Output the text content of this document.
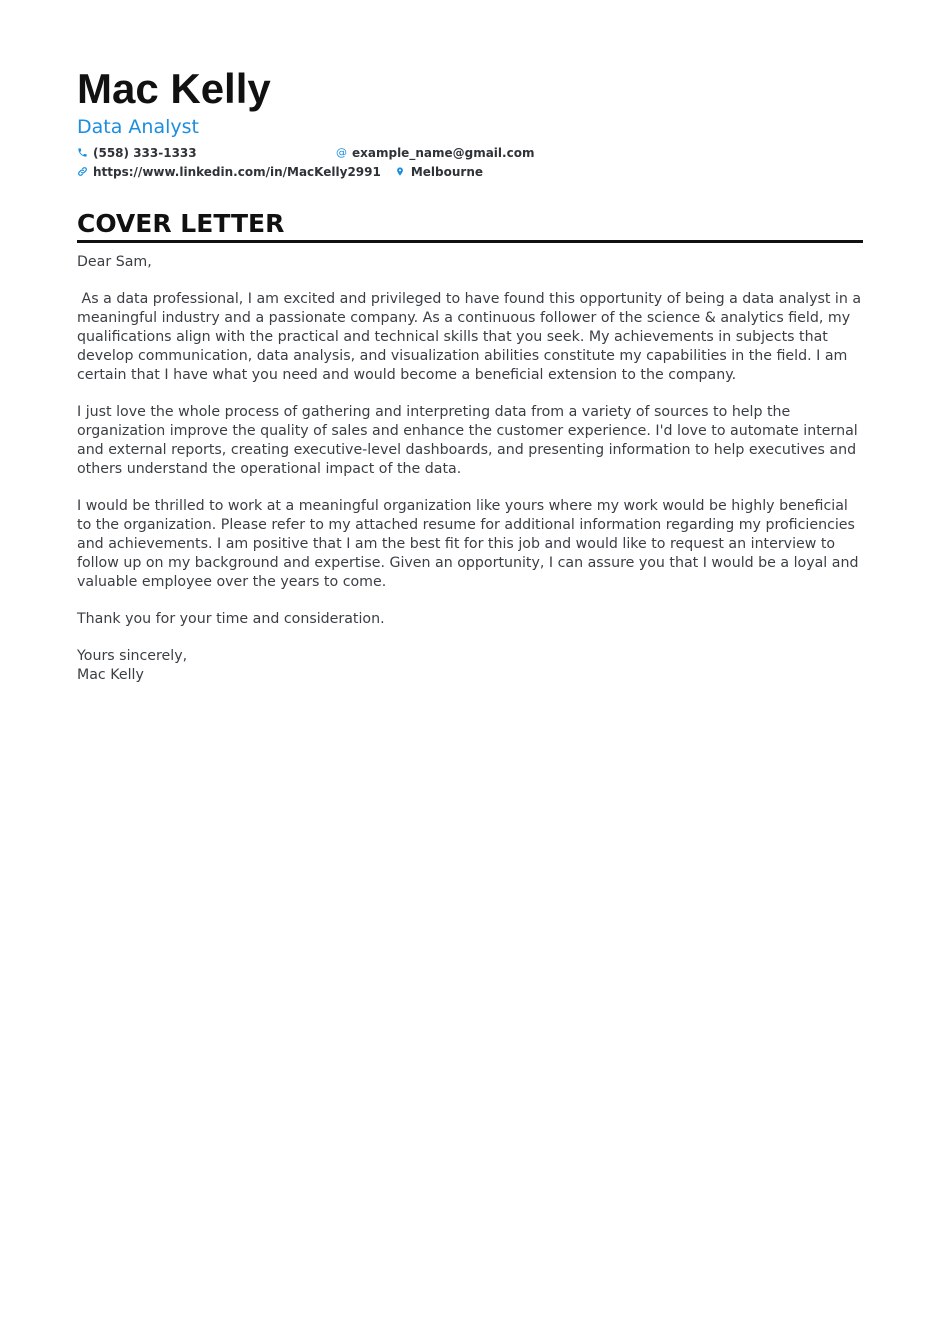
Mac Kelly
Data Analyst
(558) 333-1333	@ example_name@gmail.com
https://www.linkedin.com/in/MacKelly2991	Melbourne
COVER LETTER

Dear Sam,

As a data professional, I am excited and privileged to have found this opportunity of being a data analyst in a meaningful industry and a passionate company. As a continuous follower of the science & analytics field, my qualifications align with the practical and technical skills that you seek. My achievements in subjects that develop communication, data analysis, and visualization abilities constitute my capabilities in the field. I am certain that I have what you need and would become a beneficial extension to the company.

I just love the whole process of gathering and interpreting data from a variety of sources to help the organization improve the quality of sales and enhance the customer experience. I'd love to automate internal and external reports, creating executive-level dashboards, and presenting information to help executives and others understand the operational impact of the data.

I would be thrilled to work at a meaningful organization like yours where my work would be highly beneficial to the organization. Please refer to my attached resume for additional information regarding my proficiencies and achievements. I am positive that I am the best fit for this job and would like to request an interview to follow up on my background and expertise. Given an opportunity, I can assure you that I would be a loyal and valuable employee over the years to come.

Thank you for your time and consideration.

Yours sincerely,
Mac Kelly
